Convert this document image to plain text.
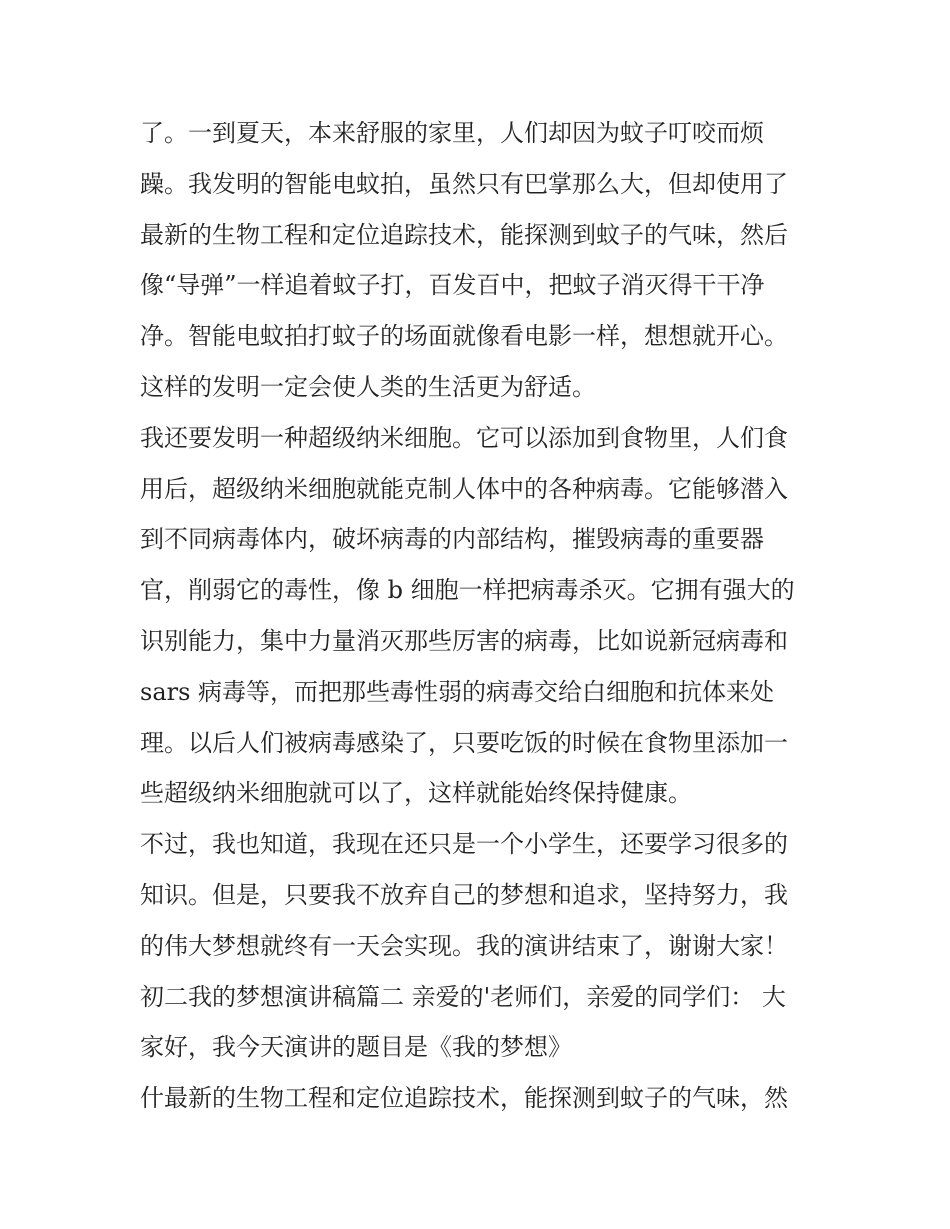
了。一到夏天，本来舒服的家里，人们却因为蚊子叮咬而烦
躁。我发明的智能电蚊拍，虽然只有巴掌那么大，但却使用了
最新的生物工程和定位追踪技术，能探测到蚊子的气味，然后
像“导弹”一样追着蚊子打，百发百中，把蚊子消灭得干干净
净。智能电蚊拍打蚊子的场面就像看电影一样，想想就开心。
这样的发明一定会使人类的生活更为舒适。
我还要发明一种超级纳米细胞。它可以添加到食物里，人们食
用后，超级纳米细胞就能克制人体中的各种病毒。它能够潜入
到不同病毒体内，破坏病毒的内部结构，摧毁病毒的重要器
官，削弱它的毒性，像 b 细胞一样把病毒杀灭。它拥有强大的
识别能力，集中力量消灭那些厉害的病毒，比如说新冠病毒和
sars 病毒等，而把那些毒性弱的病毒交给白细胞和抗体来处
理。以后人们被病毒感染了，只要吃饭的时候在食物里添加一
些超级纳米细胞就可以了，这样就能始终保持健康。
不过，我也知道，我现在还只是一个小学生，还要学习很多的
知识。但是，只要我不放弃自己的梦想和追求，坚持努力，我
的伟大梦想就终有一天会实现。我的演讲结束了，谢谢大家！
初二我的梦想演讲稿篇二 亲爱的'老师们，亲爱的同学们： 大
家好，我今天演讲的题目是《我的梦想》
什最新的生物工程和定位追踪技术，能探测到蚊子的气味，然
